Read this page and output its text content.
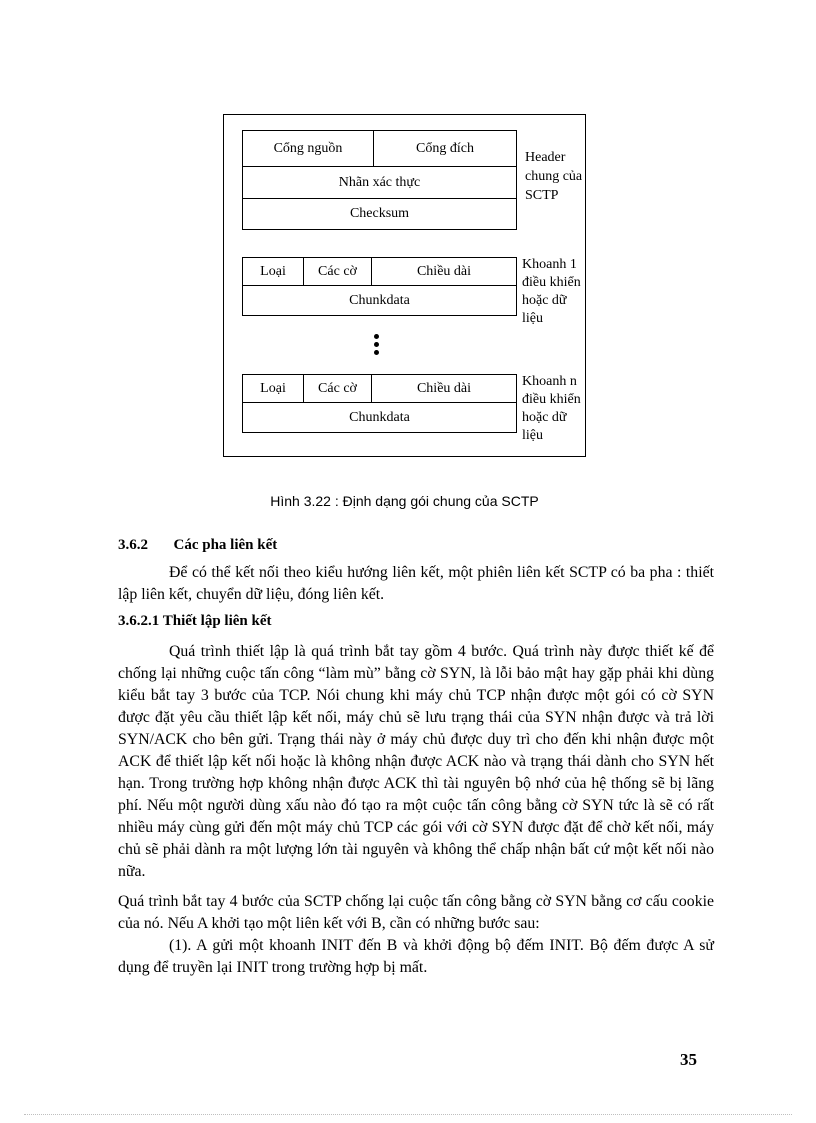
Cổng nguồn	Cổng đích
Nhãn xác thực
Checksum
Header
chung của
SCTP
Loại	Các cờ	Chiều dài
Chunkdata
Khoanh 1
điều khiển
hoặc dữ
liệu
Loại	Các cờ	Chiều dài
Chunkdata
Khoanh n
điều khiển
hoặc dữ
liệu
Hình 3.22 : Định dạng gói chung của SCTP
3.6.2 Các pha liên kết

Để có thể kết nối theo kiểu hướng liên kết, một phiên liên kết SCTP có ba pha : thiết lập liên kết, chuyển dữ liệu, đóng liên kết.

3.6.2.1 Thiết lập liên kết

Quá trình thiết lập là quá trình bắt tay gồm 4 bước. Quá trình này được thiết kế để chống lại những cuộc tấn công “làm mù” bằng cờ SYN, là lỗi bảo mật hay gặp phải khi dùng kiểu bắt tay 3 bước của TCP. Nói chung khi máy chủ TCP nhận được một gói có cờ SYN được đặt yêu cầu thiết lập kết nối, máy chủ sẽ lưu trạng thái của SYN nhận được và trả lời SYN/ACK cho bên gửi. Trạng thái này ở máy chủ được duy trì cho đến khi nhận được một ACK để thiết lập kết nối hoặc là không nhận được ACK nào và trạng thái dành cho SYN hết hạn. Trong trường hợp không nhận được ACK thì tài nguyên bộ nhớ của hệ thống sẽ bị lãng phí. Nếu một người dùng xấu nào đó tạo ra một cuộc tấn công bằng cờ SYN tức là sẽ có rất nhiều máy cùng gửi đến một máy chủ TCP các gói với cờ SYN được đặt để chờ kết nối, máy chủ sẽ phải dành ra một lượng lớn tài nguyên và không thể chấp nhận bất cứ một kết nối nào nữa.

Quá trình bắt tay 4 bước của SCTP chống lại cuộc tấn công bằng cờ SYN bằng cơ cấu cookie của nó. Nếu A khởi tạo một liên kết với B, cần có những bước sau:

(1). A gửi một khoanh INIT đến B và khởi động bộ đếm INIT. Bộ đếm được A sử dụng để truyền lại INIT trong trường hợp bị mất.

35
